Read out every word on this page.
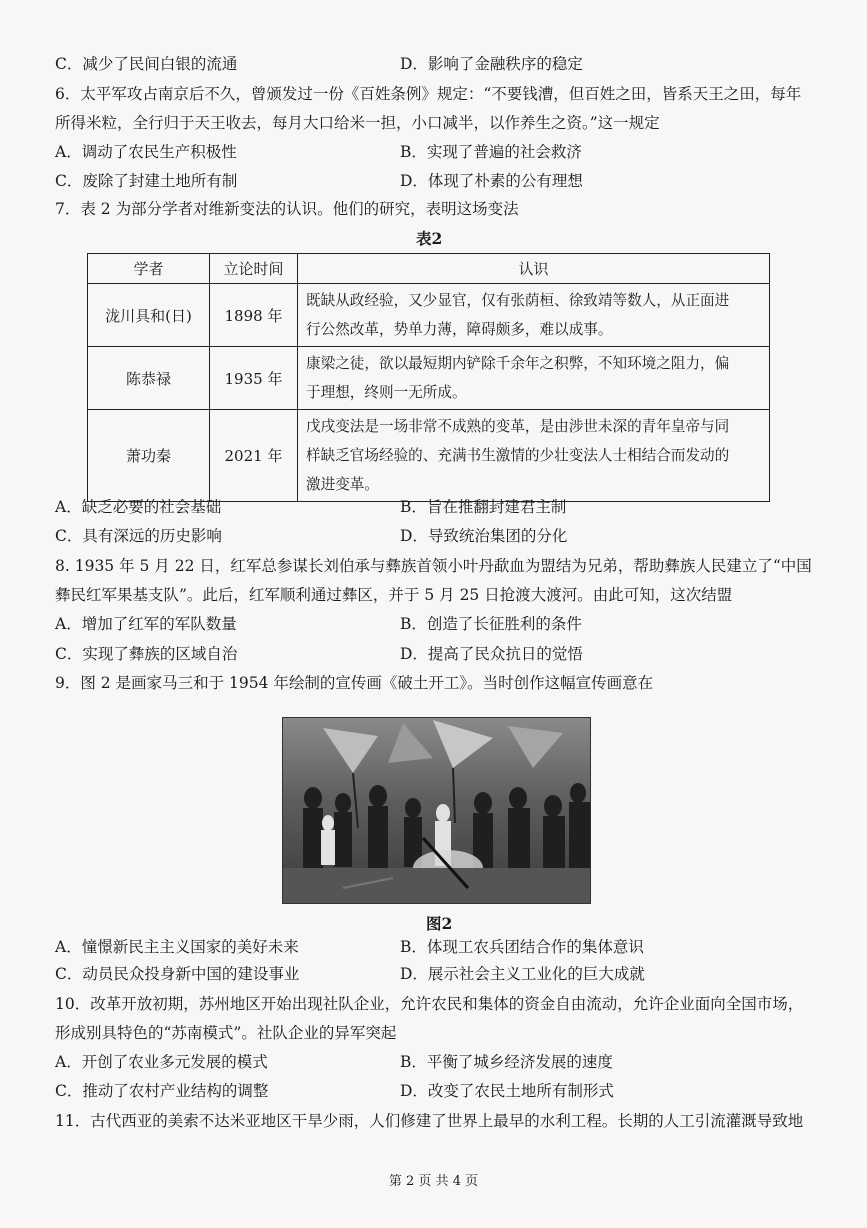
C．减少了民间白银的流通	D．影响了金融秩序的稳定
6．太平军攻占南京后不久，曾颁发过一份《百姓条例》规定：“不要钱漕，但百姓之田，皆系天王之田，每年
所得米粒，全行归于天王收去，每月大口给米一担，小口减半，以作养生之资。”这一规定
A．调动了农民生产积极性	B．实现了普遍的社会救济
C．废除了封建土地所有制	D．体现了朴素的公有理想
7．表 2 为部分学者对维新变法的认识。他们的研究，表明这场变法
表2
学者	立论时间	认识
泷川具和(日)	1898 年	既缺从政经验，又少显官，仅有张荫桓、徐致靖等数人，从正面进
行公然改革，势单力薄，障碍颇多，难以成事。

陈恭禄	1935 年	康梁之徒，欲以最短期内铲除千余年之积弊，不知环境之阻力，偏
于理想，终则一无所成。

萧功秦	2021 年	戊戌变法是一场非常不成熟的变革，是由涉世未深的青年皇帝与同
样缺乏官场经验的、充满书生激情的少壮变法人士相结合而发动的
激进变革。
A．缺乏必要的社会基础	B．旨在推翻封建君主制
C．具有深远的历史影响	D．导致统治集团的分化
8. 1935 年 5 月 22 日，红军总参谋长刘伯承与彝族首领小叶丹歃血为盟结为兄弟，帮助彝族人民建立了“中国
彝民红军果基支队”。此后，红军顺利通过彝区，并于 5 月 25 日抢渡大渡河。由此可知，这次结盟
A．增加了红军的军队数量	B．创造了长征胜利的条件
C．实现了彝族的区域自治	D．提高了民众抗日的觉悟
9．图 2 是画家马三和于 1954 年绘制的宣传画《破土开工》。当时创作这幅宣传画意在
图2
A．憧憬新民主主义国家的美好未来	B．体现工农兵团结合作的集体意识
C．动员民众投身新中国的建设事业	D．展示社会主义工业化的巨大成就
10．改革开放初期，苏州地区开始出现社队企业，允许农民和集体的资金自由流动，允许企业面向全国市场，
形成别具特色的“苏南模式”。社队企业的异军突起
A．开创了农业多元发展的模式	B．平衡了城乡经济发展的速度
C．推动了农村产业结构的调整	D．改变了农民土地所有制形式
11．古代西亚的美索不达米亚地区干旱少雨，人们修建了世界上最早的水利工程。长期的人工引流灌溉导致地
第 2 页 共 4 页
